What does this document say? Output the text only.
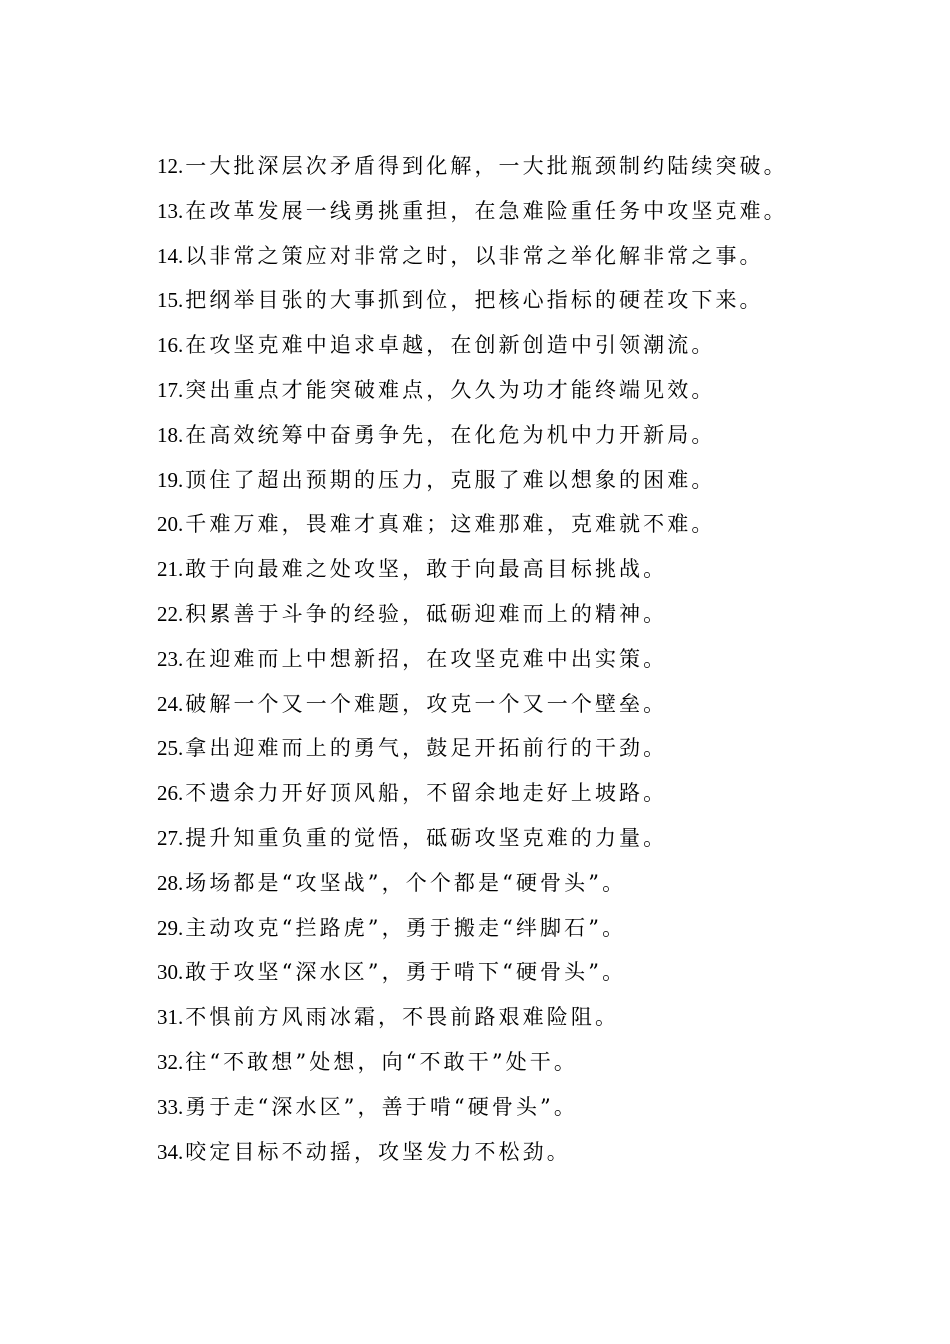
12.一大批深层次矛盾得到化解，一大批瓶颈制约陆续突破。
13.在改革发展一线勇挑重担，在急难险重任务中攻坚克难。
14.以非常之策应对非常之时，以非常之举化解非常之事。
15.把纲举目张的大事抓到位，把核心指标的硬茬攻下来。
16.在攻坚克难中追求卓越，在创新创造中引领潮流。
17.突出重点才能突破难点，久久为功才能终端见效。
18.在高效统筹中奋勇争先，在化危为机中力开新局。
19.顶住了超出预期的压力，克服了难以想象的困难。
20.千难万难，畏难才真难；这难那难，克难就不难。
21.敢于向最难之处攻坚，敢于向最高目标挑战。
22.积累善于斗争的经验，砥砺迎难而上的精神。
23.在迎难而上中想新招，在攻坚克难中出实策。
24.破解一个又一个难题，攻克一个又一个壁垒。
25.拿出迎难而上的勇气，鼓足开拓前行的干劲。
26.不遗余力开好顶风船，不留余地走好上坡路。
27.提升知重负重的觉悟，砥砺攻坚克难的力量。
28.场场都是“攻坚战”，个个都是“硬骨头”。
29.主动攻克“拦路虎”，勇于搬走“绊脚石”。
30.敢于攻坚“深水区”，勇于啃下“硬骨头”。
31.不惧前方风雨冰霜，不畏前路艰难险阻。
32.往“不敢想”处想，向“不敢干”处干。
33.勇于走“深水区”，善于啃“硬骨头”。
34.咬定目标不动摇，攻坚发力不松劲。
